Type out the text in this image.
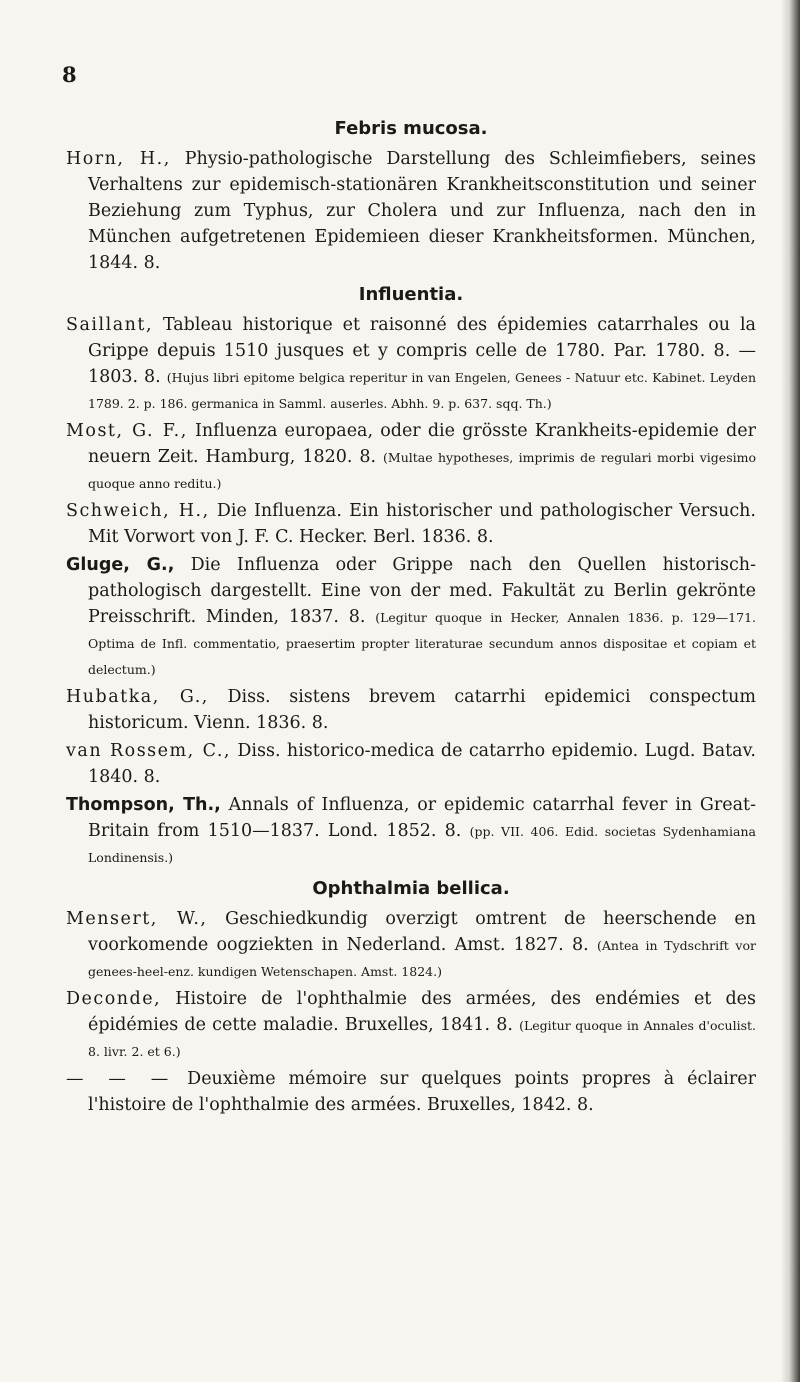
8
Febris mucosa.

Horn, H., Physio-pathologische Darstellung des Schleimfiebers, seines Verhaltens zur epidemisch-stationären Krankheitsconstitution und seiner Beziehung zum Typhus, zur Cholera und zur Influenza, nach den in München aufgetretenen Epidemieen dieser Krankheitsformen. München, 1844. 8.

Influentia.

Saillant, Tableau historique et raisonné des épidemies catarrhales ou la Grippe depuis 1510 jusques et y compris celle de 1780. Par. 1780. 8. — 1803. 8. (Hujus libri epitome belgica reperitur in van Engelen, Genees - Natuur etc. Kabinet. Leyden 1789. 2. p. 186. germanica in Samml. auserles. Abhh. 9. p. 637. sqq. Th.)

Most, G. F., Influenza europaea, oder die grösste Krankheits-epidemie der neuern Zeit. Hamburg, 1820. 8. (Multae hypotheses, imprimis de regulari morbi vigesimo quoque anno reditu.)

Schweich, H., Die Influenza. Ein historischer und pathologischer Versuch. Mit Vorwort von J. F. C. Hecker. Berl. 1836. 8.

Gluge, G., Die Influenza oder Grippe nach den Quellen historisch-pathologisch dargestellt. Eine von der med. Fakultät zu Berlin gekrönte Preisschrift. Minden, 1837. 8. (Legitur quoque in Hecker, Annalen 1836. p. 129—171. Optima de Infl. commentatio, praesertim propter literaturae secundum annos dispositae et copiam et delectum.)

Hubatka, G., Diss. sistens brevem catarrhi epidemici conspectum historicum. Vienn. 1836. 8.

van Rossem, C., Diss. historico-medica de catarrho epidemio. Lugd. Batav. 1840. 8.

Thompson, Th., Annals of Influenza, or epidemic catarrhal fever in Great-Britain from 1510—1837. Lond. 1852. 8. (pp. VII. 406. Edid. societas Sydenhamiana Londinensis.)

Ophthalmia bellica.

Mensert, W., Geschiedkundig overzigt omtrent de heerschende en voorkomende oogziekten in Nederland. Amst. 1827. 8. (Antea in Tydschrift vor genees-heel-enz. kundigen Wetenschapen. Amst. 1824.)

Deconde, Histoire de l'ophthalmie des armées, des endémies et des épidémies de cette maladie. Bruxelles, 1841. 8. (Legitur quoque in Annales d'oculist. 8. livr. 2. et 6.)

— — — Deuxième mémoire sur quelques points propres à éclairer l'histoire de l'ophthalmie des armées. Bruxelles, 1842. 8.
